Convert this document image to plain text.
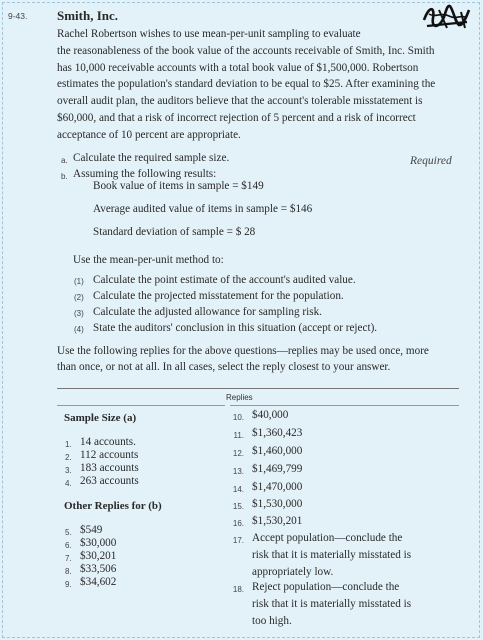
9-43. Smith, Inc.
Rachel Robertson wishes to use mean-per-unit sampling to evaluate
the reasonableness of the book value of the accounts receivable of Smith, Inc. Smith
has 10,000 receivable accounts with a total book value of $1,500,000. Robertson
estimates the population's standard deviation to be equal to $25. After examining the
overall audit plan, the auditors believe that the account's tolerable misstatement is
$60,000, and that a risk of incorrect rejection of 5 percent and a risk of incorrect
acceptance of 10 percent are appropriate.
a. Calculate the required sample size.	Required
b. Assuming the following results:
Book value of items in sample = $149
Average audited value of items in sample = $146
Standard deviation of sample = $ 28
Use the mean-per-unit method to:
(1) Calculate the point estimate of the account's audited value.
(2) Calculate the projected misstatement for the population.
(3) Calculate the adjusted allowance for sampling risk.
(4) State the auditors' conclusion in this situation (accept or reject).
Use the following replies for the above questions—replies may be used once, more
than once, or not at all. In all cases, select the reply closest to your answer.
Replies
Sample Size (a)
1. 14 accounts.
2. 112 accounts
3. 183 accounts
4. 263 accounts
Other Replies for (b)
5. $549
6. $30,000
7. $30,201
8. $33,506
9. $34,602
10. $40,000
11. $1,360,423
12. $1,460,000
13. $1,469,799
14. $1,470,000
15. $1,530,000
16. $1,530,201
17. Accept population—conclude the
risk that it is materially misstated is
appropriately low.
18. Reject population—conclude the
risk that it is materially misstated is
too high.
